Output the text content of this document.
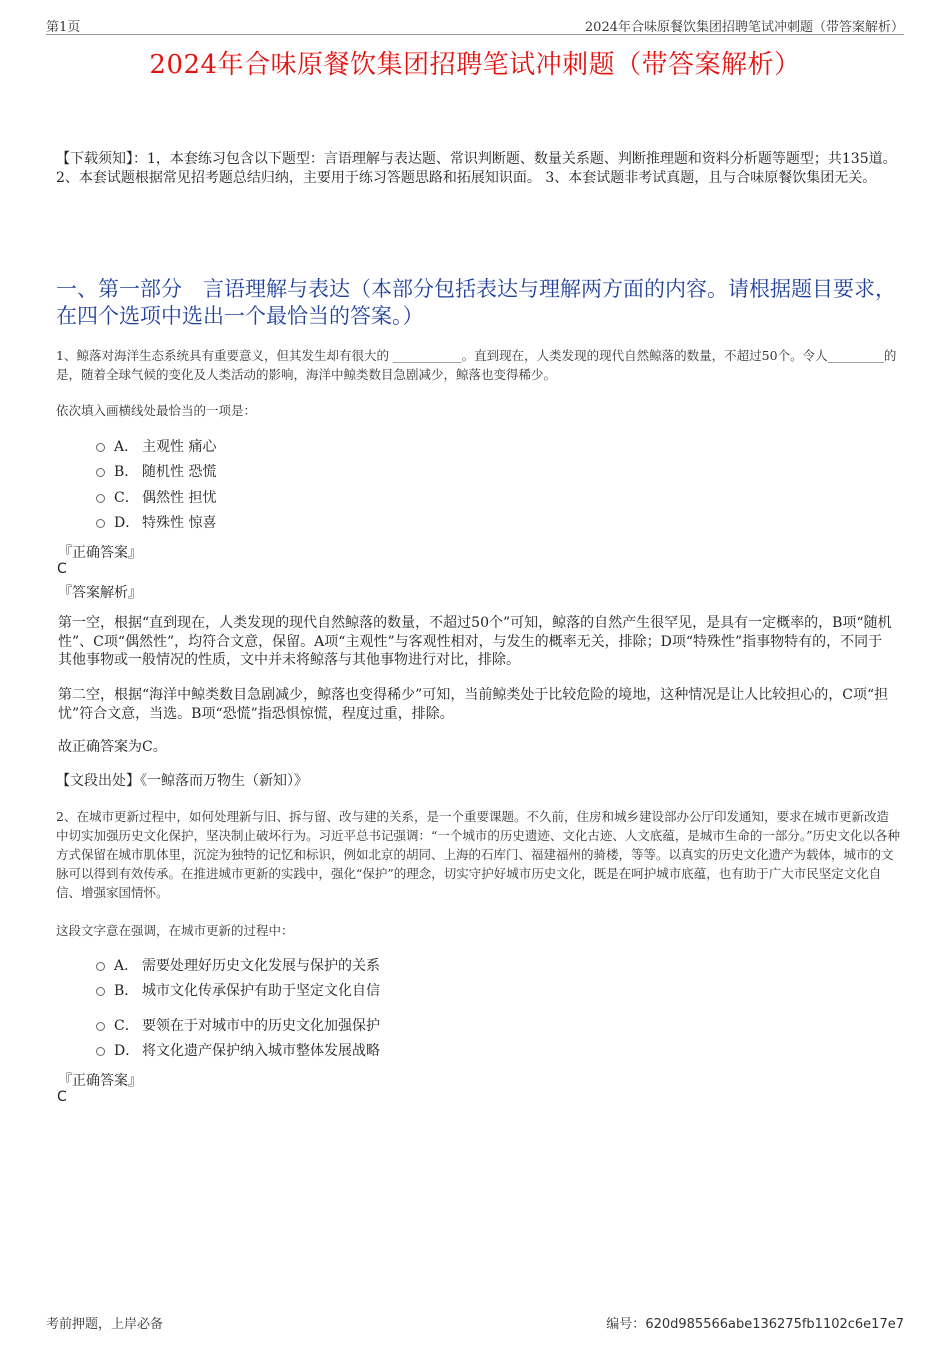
第1页	2024年合味原餐饮集团招聘笔试冲刺题（带答案解析）
2024年合味原餐饮集团招聘笔试冲刺题（带答案解析）
【下载须知】：1，本套练习包含以下题型：言语理解与表达题、常识判断题、数量关系题、判断推理题和资料分析题等题型；共135道。 2、本套试题根据常见招考题总结归纳，主要用于练习答题思路和拓展知识面。 3、本套试题非考试真题，且与合味原餐饮集团无关。
一、第一部分　言语理解与表达（本部分包括表达与理解两方面的内容。请根据题目要求，在四个选项中选出一个最恰当的答案。）
1、鲸落对海洋生态系统具有重要意义，但其发生却有很大的 ___________。直到现在，人类发现的现代自然鲸落的数量，不超过50个。令人_________的是，随着全球气候的变化及人类活动的影响，海洋中鲸类数目急剧减少，鲸落也变得稀少。
依次填入画横线处最恰当的一项是：
A． 主观性 痛心
B． 随机性 恐慌
C． 偶然性 担忧
D． 特殊性 惊喜
『正确答案』
C
『答案解析』
第一空，根据“直到现在，人类发现的现代自然鲸落的数量，不超过50个”可知，鲸落的自然产生很罕见，是具有一定概率的，B项“随机性”、C项“偶然性”，均符合文意，保留。A项“主观性”与客观性相对，与发生的概率无关，排除；D项“特殊性”指事物特有的，不同于其他事物或一般情况的性质，文中并未将鲸落与其他事物进行对比，排除。
第二空，根据“海洋中鲸类数目急剧减少，鲸落也变得稀少”可知，当前鲸类处于比较危险的境地，这种情况是让人比较担心的，C项“担忧”符合文意，当选。B项“恐慌”指恐惧惊慌，程度过重，排除。
故正确答案为C。
【文段出处】《一鲸落而万物生（新知）》
2、在城市更新过程中，如何处理新与旧、拆与留、改与建的关系，是一个重要课题。不久前，住房和城乡建设部办公厅印发通知，要求在城市更新改造中切实加强历史文化保护，坚决制止破坏行为。习近平总书记强调：“一个城市的历史遗迹、文化古迹、人文底蕴，是城市生命的一部分。”历史文化以各种方式保留在城市肌体里，沉淀为独特的记忆和标识，例如北京的胡同、上海的石库门、福建福州的骑楼，等等。以真实的历史文化遗产为载体，城市的文脉可以得到有效传承。在推进城市更新的实践中，强化“保护”的理念，切实守护好城市历史文化，既是在呵护城市底蕴，也有助于广大市民坚定文化自信、增强家国情怀。
这段文字意在强调，在城市更新的过程中：
A． 需要处理好历史文化发展与保护的关系
B． 城市文化传承保护有助于坚定文化自信
C． 要领在于对城市中的历史文化加强保护
D． 将文化遗产保护纳入城市整体发展战略
『正确答案』
C
考前押题，上岸必备	编号：620d985566abe136275fb1102c6e17e7
